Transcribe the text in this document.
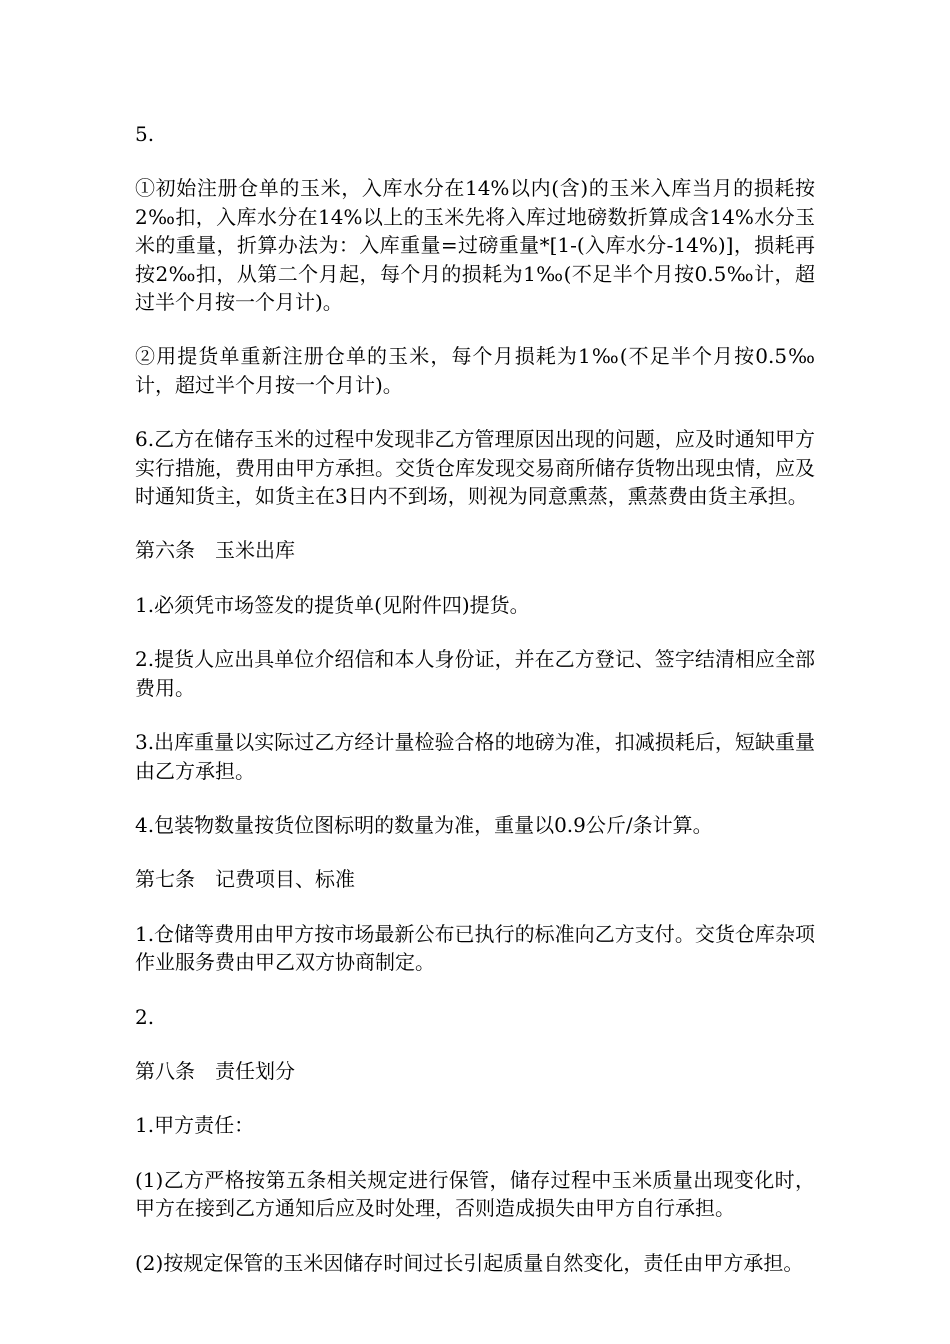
5.

①初始注册仓单的玉米，入库水分在14%以内(含)的玉米入库当月的损耗按2‰扣，入库水分在14%以上的玉米先将入库过地磅数折算成含14%水分玉米的重量，折算办法为：入库重量=过磅重量*[1-(入库水分-14%)]，损耗再按2‰扣，从第二个月起，每个月的损耗为1‰(不足半个月按0.5‰计，超过半个月按一个月计)。

②用提货单重新注册仓单的玉米，每个月损耗为1‰(不足半个月按0.5‰计，超过半个月按一个月计)。

6.乙方在储存玉米的过程中发现非乙方管理原因出现的问题，应及时通知甲方实行措施，费用由甲方承担。交货仓库发现交易商所储存货物出现虫情，应及时通知货主，如货主在3日内不到场，则视为同意熏蒸，熏蒸费由货主承担。

第六条　玉米出库

1.必须凭市场签发的提货单(见附件四)提货。

2.提货人应出具单位介绍信和本人身份证，并在乙方登记、签字结清相应全部费用。

3.出库重量以实际过乙方经计量检验合格的地磅为准，扣减损耗后，短缺重量由乙方承担。

4.包装物数量按货位图标明的数量为准，重量以0.9公斤/条计算。

第七条　记费项目、标准

1.仓储等费用由甲方按市场最新公布已执行的标准向乙方支付。交货仓库杂项作业服务费由甲乙双方协商制定。

2.

第八条　责任划分

1.甲方责任：

(1)乙方严格按第五条相关规定进行保管，储存过程中玉米质量出现变化时，甲方在接到乙方通知后应及时处理，否则造成损失由甲方自行承担。

(2)按规定保管的玉米因储存时间过长引起质量自然变化，责任由甲方承担。
